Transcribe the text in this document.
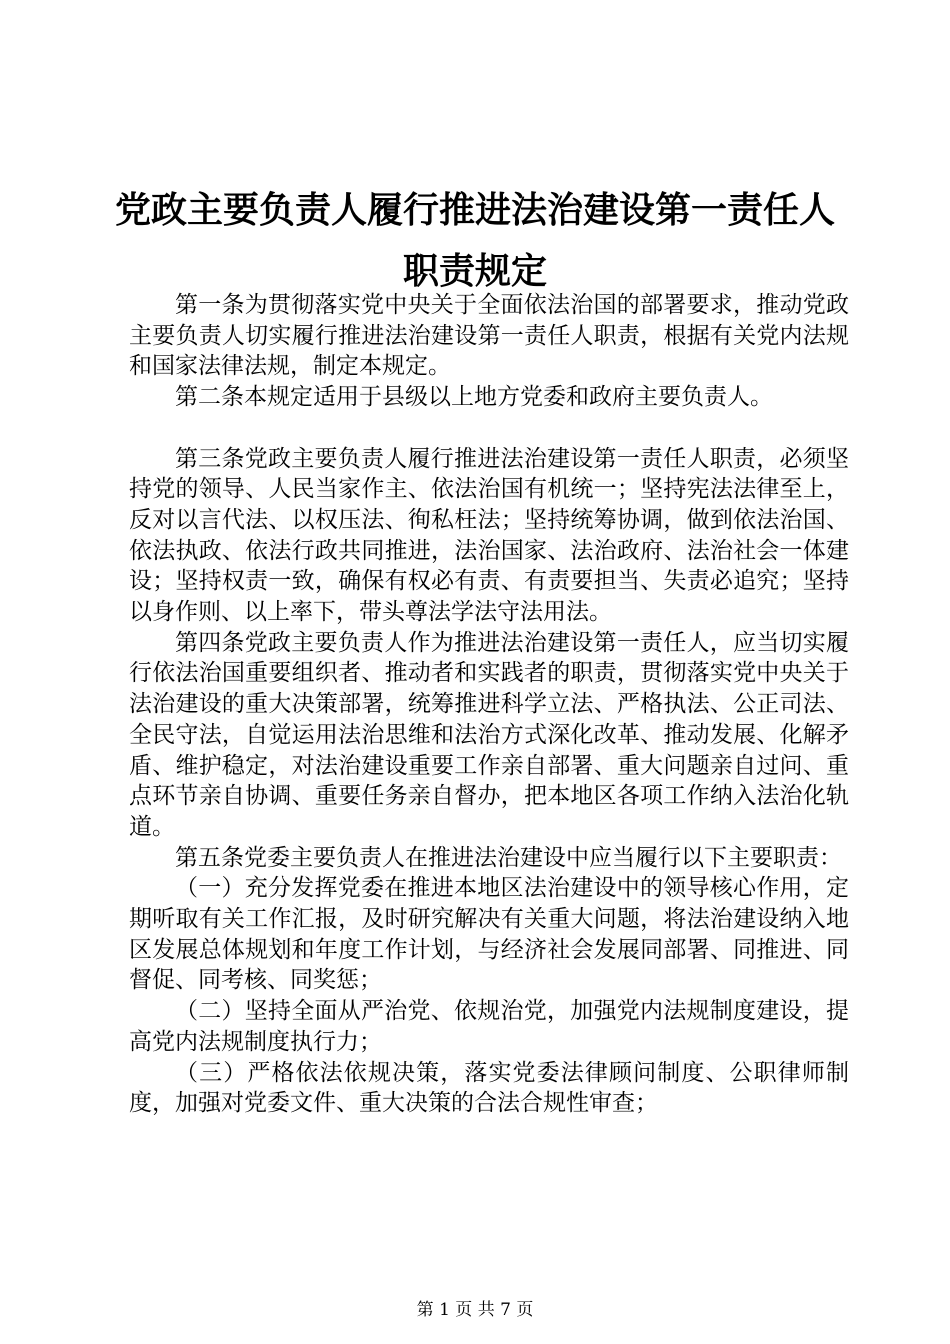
党政主要负责人履行推进法治建设第一责任人
职责规定

第一条为贯彻落实党中央关于全面依法治国的部署要求，推动党政主要负责人切实履行推进法治建设第一责任人职责，根据有关党内法规和国家法律法规，制定本规定。

第二条本规定适用于县级以上地方党委和政府主要负责人。

第三条党政主要负责人履行推进法治建设第一责任人职责，必须坚持党的领导、人民当家作主、依法治国有机统一；坚持宪法法律至上，反对以言代法、以权压法、徇私枉法；坚持统筹协调，做到依法治国、依法执政、依法行政共同推进，法治国家、法治政府、法治社会一体建设；坚持权责一致，确保有权必有责、有责要担当、失责必追究；坚持以身作则、以上率下，带头尊法学法守法用法。

第四条党政主要负责人作为推进法治建设第一责任人，应当切实履行依法治国重要组织者、推动者和实践者的职责，贯彻落实党中央关于法治建设的重大决策部署，统筹推进科学立法、严格执法、公正司法、全民守法，自觉运用法治思维和法治方式深化改革、推动发展、化解矛盾、维护稳定，对法治建设重要工作亲自部署、重大问题亲自过问、重点环节亲自协调、重要任务亲自督办，把本地区各项工作纳入法治化轨道。

第五条党委主要负责人在推进法治建设中应当履行以下主要职责：

（一）充分发挥党委在推进本地区法治建设中的领导核心作用，定期听取有关工作汇报，及时研究解决有关重大问题，将法治建设纳入地区发展总体规划和年度工作计划，与经济社会发展同部署、同推进、同督促、同考核、同奖惩；

（二）坚持全面从严治党、依规治党，加强党内法规制度建设，提高党内法规制度执行力；

（三）严格依法依规决策，落实党委法律顾问制度、公职律师制度，加强对党委文件、重大决策的合法合规性审查；

第 1 页 共 7 页
